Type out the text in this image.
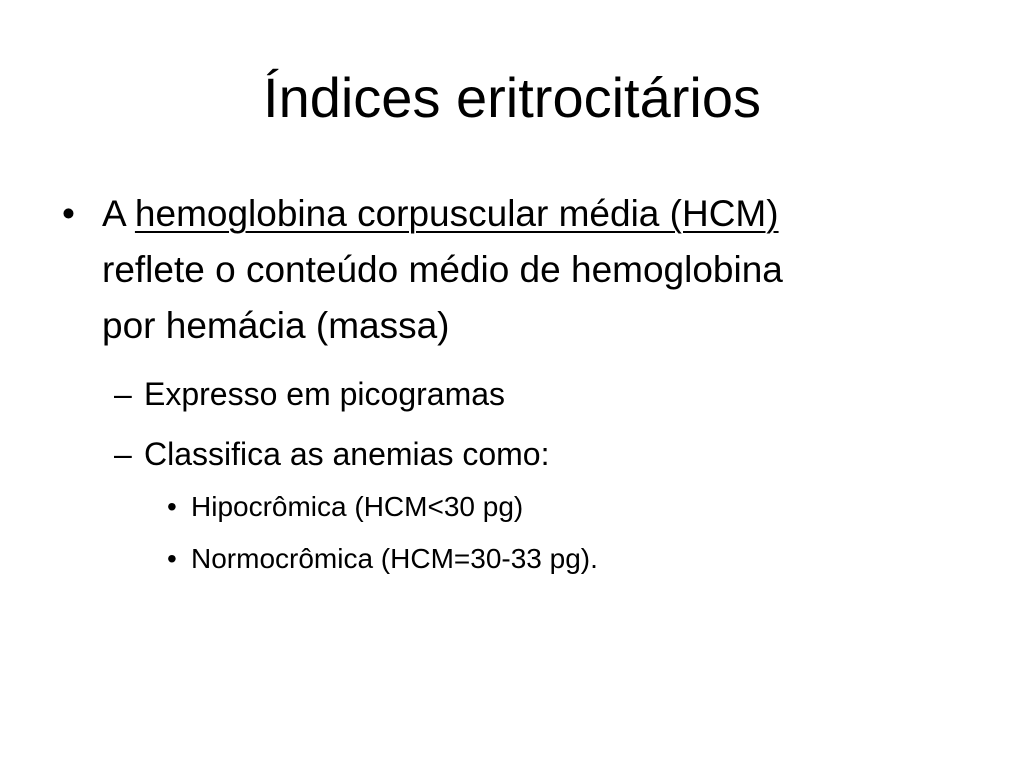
Índices eritrocitários
• A hemoglobina corpuscular média (HCM)
reflete o conteúdo médio de hemoglobina
por hemácia (massa)
– Expresso em picogramas
– Classifica as anemias como:
• Hipocrômica (HCM<30 pg)
• Normocrômica (HCM=30-33 pg).
